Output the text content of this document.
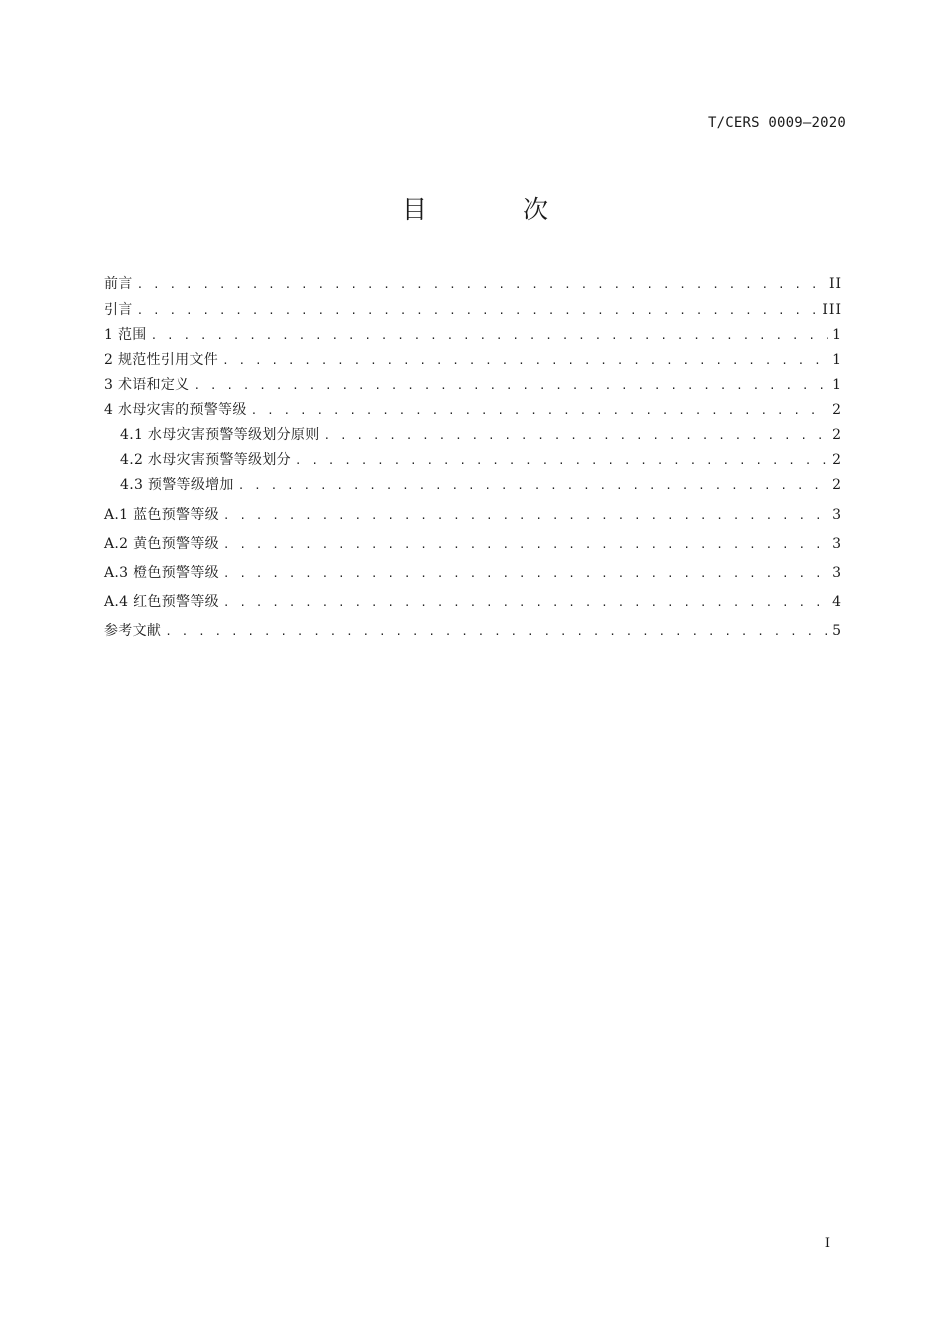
T/CERS 0009—2020
目 次
前言 . . .	II
引言 . . .	III
1 范围 . . .	1
2 规范性引用文件 . . .	1
3 术语和定义 . . .	1
4 水母灾害的预警等级 . . .	2
4.1 水母灾害预警等级划分原则 . . .	2
4.2 水母灾害预警等级划分 . . .	2
4.3 预警等级增加 . . .	2
A.1 蓝色预警等级 . . .	3
A.2 黄色预警等级 . . .	3
A.3 橙色预警等级 . . .	3
A.4 红色预警等级 . . .	4
参考文献 . . .	5
I
